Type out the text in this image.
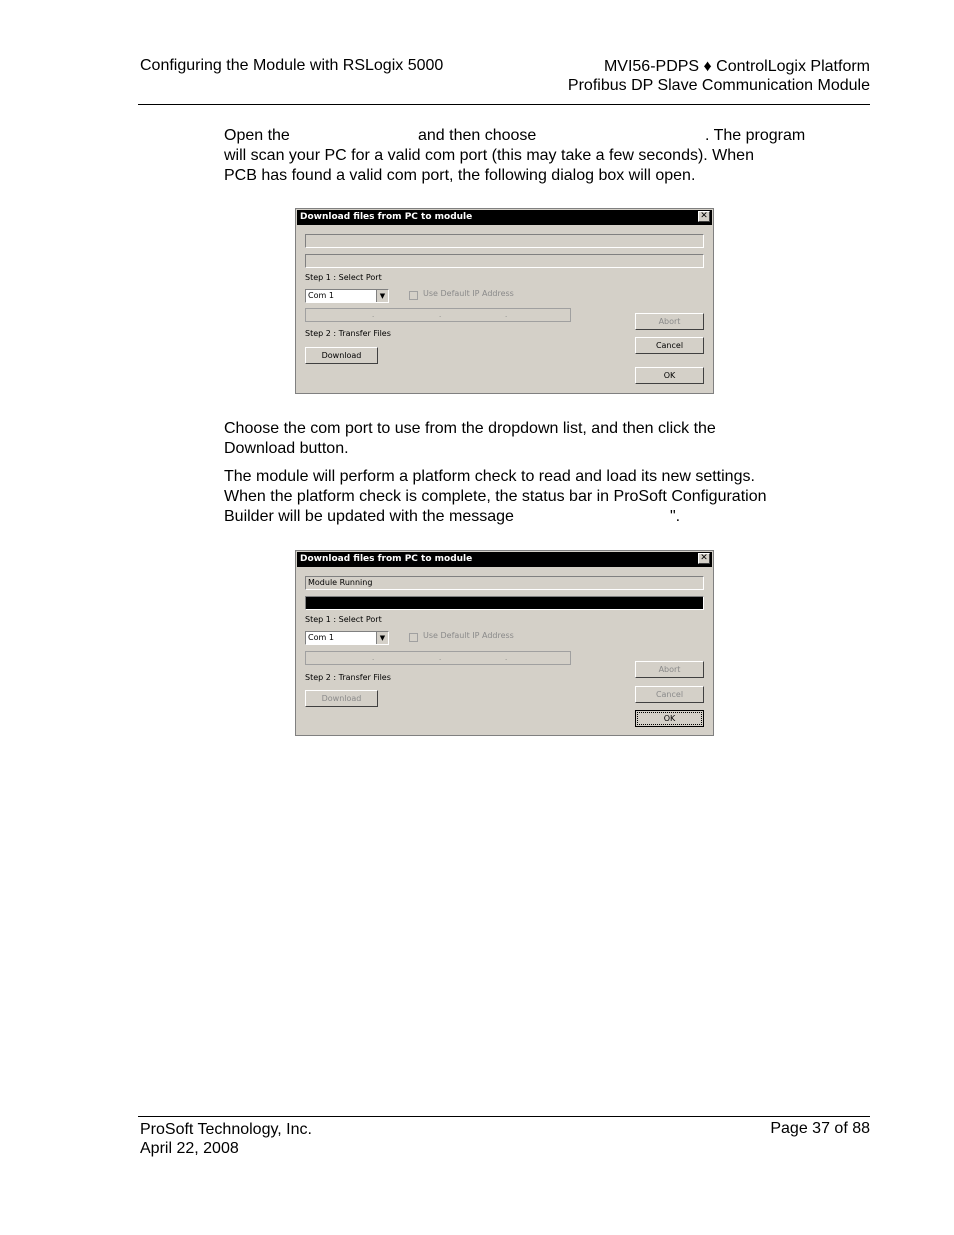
Configuring the Module with RSLogix 5000	MVI56-PDPS ♦ ControlLogix Platform
Profibus DP Slave Communication Module
Open the	and then choose	. The program
will scan your PC for a valid com port (this may take a few seconds). When
PCB has found a valid com port, the following dialog box will open.
Download files from PC to module	✕
Step 1 : Select Port
Com 1	▼	Use Default IP Address
.	.	.
Step 2 : Transfer Files
Download
Abort
Cancel
OK
Choose the com port to use from the dropdown list, and then click the
Download button.
The module will perform a platform check to read and load its new settings.
When the platform check is complete, the status bar in ProSoft Configuration
Builder will be updated with the message	".
Download files from PC to module	✕
Module Running
Step 1 : Select Port
Com 1	▼	Use Default IP Address
.	.	.
Step 2 : Transfer Files
Download
Abort
Cancel
OK
ProSoft Technology, Inc.
April 22, 2008
Page 37 of 88
